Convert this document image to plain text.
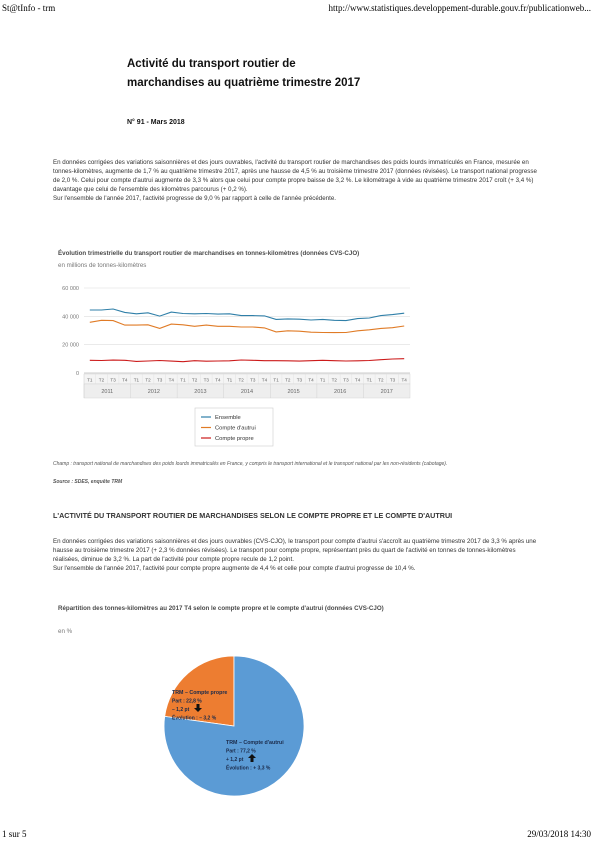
St@tInfo - trm	http://www.statistiques.developpement-durable.gouv.fr/publicationweb...
Activité du transport routier de marchandises au quatrième trimestre 2017
N° 91 - Mars 2018
En données corrigées des variations saisonnières et des jours ouvrables, l'activité du transport routier de marchandises des poids lourds immatriculés en France, mesurée en tonnes-kilomètres, augmente de 1,7 % au quatrième trimestre 2017, après une hausse de 4,5 % au troisième trimestre 2017 (données révisées). Le transport national progresse de 2,0 %. Celui pour compte d'autrui augmente de 3,3 % alors que celui pour compte propre baisse de 3,2 %. Le kilométrage à vide au quatrième trimestre 2017 croît (+ 3,4 %) davantage que celui de l'ensemble des kilomètres parcourus (+ 0,2 %).
Sur l'ensemble de l'année 2017, l'activité progresse de 9,0 % par rapport à celle de l'année précédente.
Évolution trimestrielle du transport routier de marchandises en tonnes-kilomètres (données CVS-CJO)
en millions de tonnes-kilomètres
0
20 000
40 000
60 000
T1 T2 T3 T4 T1 T2 T3 T4 T1 T2 T3 T4 T1 T2 T3 T4 T1 T2 T3 T4 T1 T2 T3 T4 T1 T2 T3 T4
2011	2012	2013	2014	2015	2016	2017
Ensemble
Compte d'autrui
Compte propre
Champ : transport national de marchandises des poids lourds immatriculés en France, y compris le transport international et le transport national par les non-résidents (cabotage).
Source : SDES, enquête TRM
L'ACTIVITÉ DU TRANSPORT ROUTIER DE MARCHANDISES SELON LE COMPTE PROPRE ET LE COMPTE D'AUTRUI
En données corrigées des variations saisonnières et des jours ouvrables (CVS-CJO), le transport pour compte d'autrui s'accroît au quatrième trimestre 2017 de 3,3 % après une hausse au troisième trimestre 2017 (+ 2,3 % données révisées). Le transport pour compte propre, représentant près du quart de l'activité en tonnes de tonnes-kilomètres réalisées, diminue de 3,2 %. La part de l'activité pour compte propre recule de 1,2 point.
Sur l'ensemble de l'année 2017, l'activité pour compte propre augmente de 4,4 % et celle pour compte d'autrui progresse de 10,4 %.
Répartition des tonnes-kilomètres au 2017 T4 selon le compte propre et le compte d'autrui (données CVS-CJO)
en %
TRM – Compte propre
Part : 22,8 %
– 1,2 pt
Évolution : – 3,2 %
TRM – Compte d'autrui
Part : 77,2 %
+ 1,2 pt
Évolution : + 3,3 %
1 sur 5	29/03/2018 14:30
